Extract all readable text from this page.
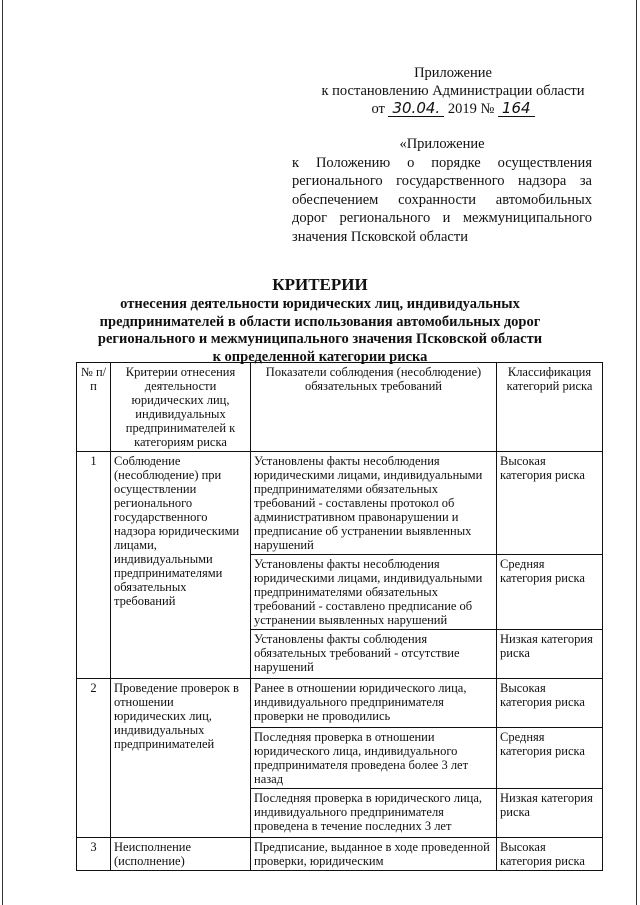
Приложение
к постановлению Администрации области
от 30.04. 2019 № 164
«Приложение
к Положению о порядке осуществления регионального государственного надзора за обеспечением сохранности автомобильных дорог регионального и межмуниципального значения Псковской области
КРИТЕРИИ
отнесения деятельности юридических лиц, индивидуальных
предпринимателей в области использования автомобильных дорог
регионального и межмуниципального значения Псковской области
к определенной категории риска
№ п/п	Критерии отнесения деятельности юридических лиц, индивидуальных предпринимателей к категориям риска	Показатели соблюдения (несоблюдение) обязательных требований	Классификация категорий риска
1	Соблюдение (несоблюдение) при осуществлении регионального государственного надзора юридическими лицами, индивидуальными предпринимателями обязательных требований	Установлены факты несоблюдения юридическими лицами, индивидуальными предпринимателями обязательных требований - составлены протокол об административном правонарушении и предписание об устранении выявленных нарушений	Высокая категория риска
		Установлены факты несоблюдения юридическими лицами, индивидуальными предпринимателями обязательных требований - составлено предписание об устранении выявленных нарушений	Средняя категория риска
		Установлены факты соблюдения обязательных требований - отсутствие нарушений	Низкая категория риска
2	Проведение проверок в отношении юридических лиц, индивидуальных предпринимателей	Ранее в отношении юридического лица, индивидуального предпринимателя проверки не проводились	Высокая категория риска
		Последняя проверка в отношении юридического лица, индивидуального предпринимателя проведена более 3 лет назад	Средняя категория риска
		Последняя проверка в юридического лица, индивидуального предпринимателя проведена в течение последних 3 лет	Низкая категория риска
3	Неисполнение (исполнение)	Предписание, выданное в ходе проведенной проверки, юридическим	Высокая категория риска
